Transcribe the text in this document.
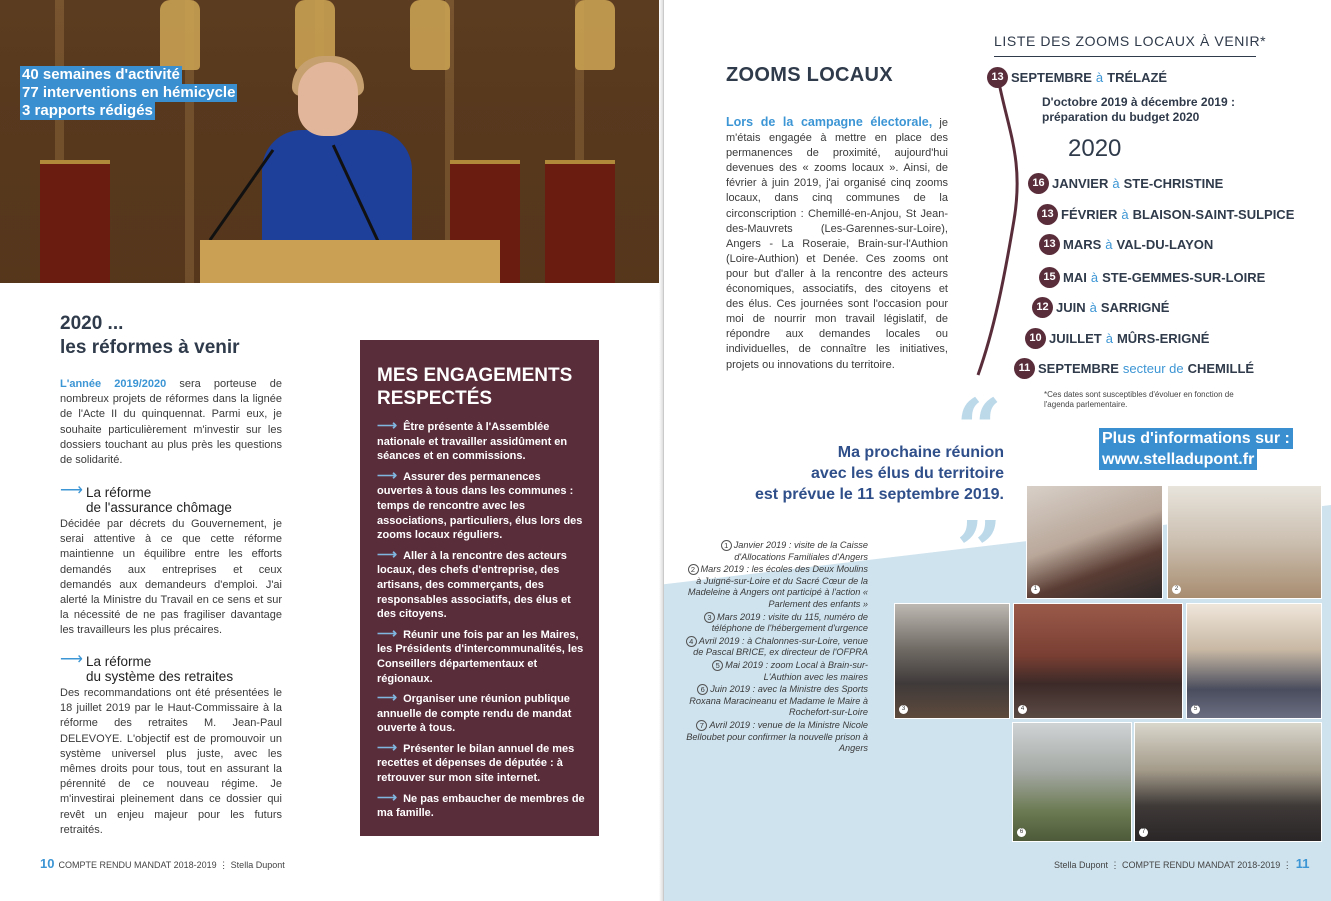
40 semaines d'activité
77 interventions en hémicycle
3 rapports rédigés
2020 ...
les réformes à venir

L'année 2019/2020 sera porteuse de nombreux projets de réformes dans la lignée de l'Acte II du quinquennat. Parmi eux, je souhaite particulièrement m'investir sur les dossiers touchant au plus près les questions de solidarité.

⟶ La réforme
de l'assurance chômage

Décidée par décrets du Gouvernement, je serai attentive à ce que cette réforme maintienne un équilibre entre les efforts demandés aux entreprises et ceux demandés aux demandeurs d'emploi. J'ai alerté la Ministre du Travail en ce sens et sur la nécessité de ne pas fragiliser davantage les travailleurs les plus précaires.

⟶ La réforme
du système des retraites

Des recommandations ont été présentées le 18 juillet 2019 par le Haut-Commissaire à la réforme des retraites M. Jean-Paul DELEVOYE. L'objectif est de promouvoir un système universel plus juste, avec les mêmes droits pour tous, tout en assurant la pérennité de ce nouveau régime. Je m'investirai pleinement dans ce dossier qui revêt un enjeu majeur pour les futurs retraités.

MES ENGAGEMENTS
RESPECTÉS
⟶ Être présente à l'Assemblée nationale et travailler assidûment en séances et en commissions.
⟶ Assurer des permanences ouvertes à tous dans les communes : temps de rencontre avec les associations, particuliers, élus lors des zooms locaux réguliers.
⟶ Aller à la rencontre des acteurs locaux, des chefs d'entreprise, des artisans, des commerçants, des responsables associatifs, des élus et des citoyens.
⟶ Réunir une fois par an les Maires, les Présidents d'intercommunalités, les Conseillers départementaux et régionaux.
⟶ Organiser une réunion publique annuelle de compte rendu de mandat ouverte à tous.
⟶ Présenter le bilan annuel de mes recettes et dépenses de députée : à retrouver sur mon site internet.
⟶ Ne pas embaucher de membres de ma famille.
10 COMPTE RENDU MANDAT 2018-2019 ⋮ Stella Dupont
ZOOMS LOCAUX

Lors de la campagne électorale, je m'étais engagée à mettre en place des permanences de proximité, aujourd'hui devenues des « zooms locaux ». Ainsi, de février à juin 2019, j'ai organisé cinq zooms locaux, dans cinq communes de la circonscription : Chemillé-en-Anjou, St Jean-des-Mauvrets (Les-Garennes-sur-Loire), Angers - La Roseraie, Brain-sur-l'Authion (Loire-Authion) et Denée. Ces zooms ont pour but d'aller à la rencontre des acteurs économiques, associatifs, des citoyens et des élus. Ces journées sont l'occasion pour moi de nourrir mon travail législatif, de répondre aux demandes locales ou individuelles, de connaître les initiatives, projets ou innovations du territoire.

LISTE DES ZOOMS LOCAUX À VENIR*
13 SEPTEMBRE à TRÉLAZÉ
D'octobre 2019 à décembre 2019 :
préparation du budget 2020
2020
16 JANVIER à STE-CHRISTINE
13 FÉVRIER à BLAISON-SAINT-SULPICE
13 MARS à VAL-DU-LAYON
15 MAI à STE-GEMMES-SUR-LOIRE
12 JUIN à SARRIGNÉ
10 JUILLET à MÛRS-ERIGNÉ
11 SEPTEMBRE secteur de CHEMILLÉ
*Ces dates sont susceptibles d'évoluer en fonction de l'agenda parlementaire.
“
Ma prochaine réunion
avec les élus du territoire
est prévue le 11 septembre 2019.
”
Plus d'informations sur :
www.stelladupont.fr

1 Janvier 2019 : visite de la Caisse d'Allocations Familiales d'Angers

2 Mars 2019 : les écoles des Deux Moulins à Juigné-sur-Loire et du Sacré Cœur de la Madeleine à Angers ont participé à l'action « Parlement des enfants »

3 Mars 2019 : visite du 115, numéro de téléphone de l'hébergement d'urgence

4 Avril 2019 : à Chalonnes-sur-Loire, venue de Pascal BRICE, ex directeur de l'OFPRA

5 Mai 2019 : zoom Local à Brain-sur-L'Authion avec les maires

6 Juin 2019 : avec la Ministre des Sports Roxana Maracineanu et Madame le Maire à Rochefort-sur-Loire

7 Avril 2019 : venue de la Ministre Nicole Belloubet pour confirmer la nouvelle prison à Angers

1	2
3	4	5
6	7
Stella Dupont ⋮ COMPTE RENDU MANDAT 2018-2019 ⋮ 11
